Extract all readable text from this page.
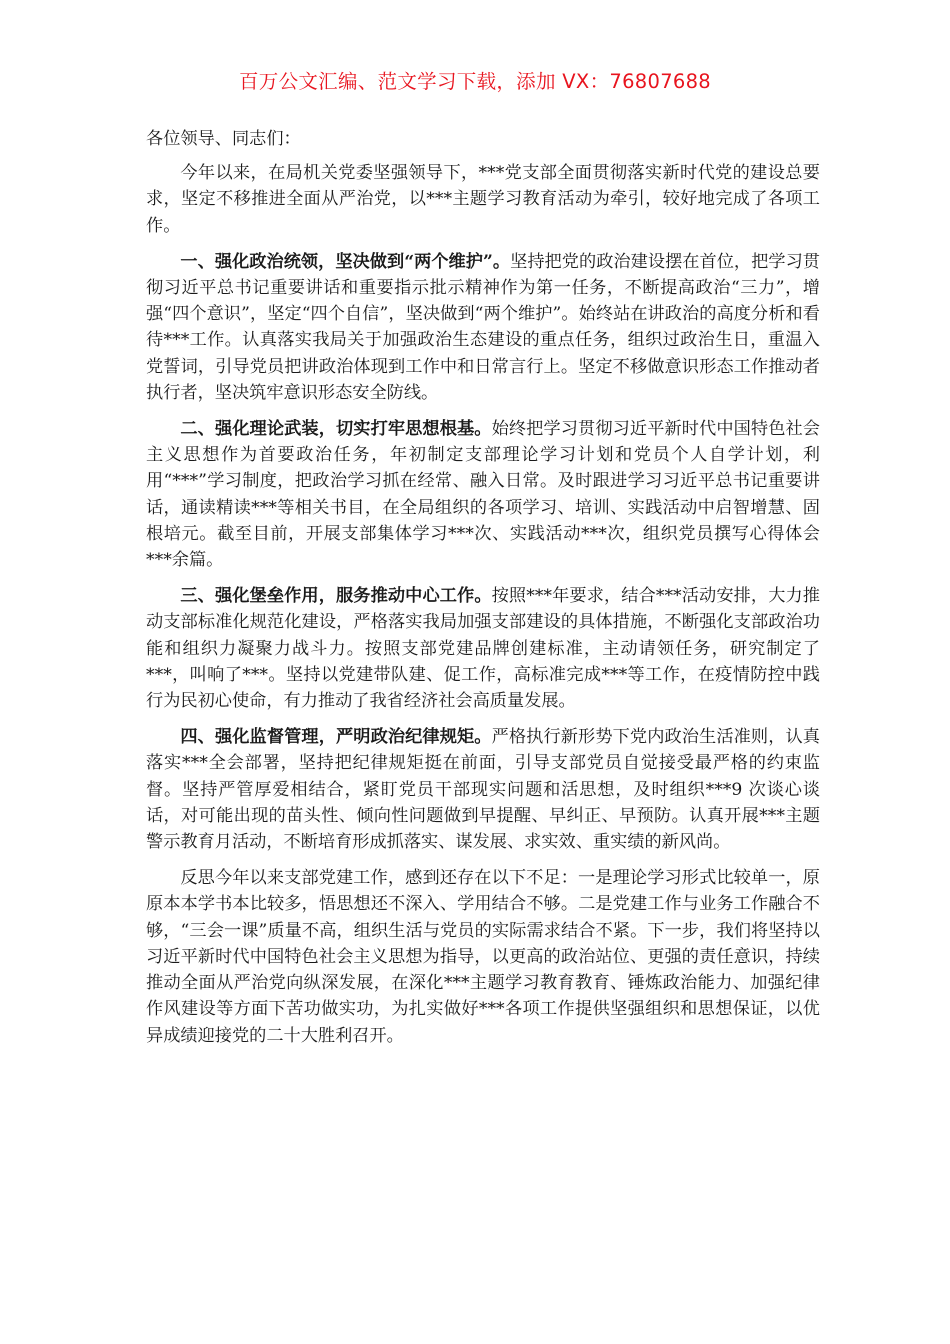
百万公文汇编、范文学习下载，添加 VX：76807688

各位领导、同志们：

今年以来，在局机关党委坚强领导下，***党支部全面贯彻落实新时代党的建设总要求，坚定不移推进全面从严治党，以***主题学习教育活动为牵引，较好地完成了各项工作。

一、强化政治统领，坚决做到“两个维护”。坚持把党的政治建设摆在首位，把学习贯彻习近平总书记重要讲话和重要指示批示精神作为第一任务，不断提高政治“三力”，增强“四个意识”，坚定“四个自信”，坚决做到“两个维护”。始终站在讲政治的高度分析和看待***工作。认真落实我局关于加强政治生态建设的重点任务，组织过政治生日，重温入党誓词，引导党员把讲政治体现到工作中和日常言行上。坚定不移做意识形态工作推动者执行者，坚决筑牢意识形态安全防线。

二、强化理论武装，切实打牢思想根基。始终把学习贯彻习近平新时代中国特色社会主义思想作为首要政治任务，年初制定支部理论学习计划和党员个人自学计划，利用“***”学习制度，把政治学习抓在经常、融入日常。及时跟进学习习近平总书记重要讲话，通读精读***等相关书目，在全局组织的各项学习、培训、实践活动中启智增慧、固根培元。截至目前，开展支部集体学习***次、实践活动***次，组织党员撰写心得体会***余篇。

三、强化堡垒作用，服务推动中心工作。按照***年要求，结合***活动安排，大力推动支部标准化规范化建设，严格落实我局加强支部建设的具体措施，不断强化支部政治功能和组织力凝聚力战斗力。按照支部党建品牌创建标准，主动请领任务，研究制定了***，叫响了***。坚持以党建带队建、促工作，高标准完成***等工作，在疫情防控中践行为民初心使命，有力推动了我省经济社会高质量发展。

四、强化监督管理，严明政治纪律规矩。严格执行新形势下党内政治生活准则，认真落实***全会部署，坚持把纪律规矩挺在前面，引导支部党员自觉接受最严格的约束监督。坚持严管厚爱相结合，紧盯党员干部现实问题和活思想，及时组织***9 次谈心谈话，对可能出现的苗头性、倾向性问题做到早提醒、早纠正、早预防。认真开展***主题警示教育月活动，不断培育形成抓落实、谋发展、求实效、重实绩的新风尚。

反思今年以来支部党建工作，感到还存在以下不足：一是理论学习形式比较单一，原原本本学书本比较多，悟思想还不深入、学用结合不够。二是党建工作与业务工作融合不够，“三会一课”质量不高，组织生活与党员的实际需求结合不紧。下一步，我们将坚持以习近平新时代中国特色社会主义思想为指导，以更高的政治站位、更强的责任意识，持续推动全面从严治党向纵深发展，在深化***主题学习教育教育、锤炼政治能力、加强纪律作风建设等方面下苦功做实功，为扎实做好***各项工作提供坚强组织和思想保证，以优异成绩迎接党的二十大胜利召开。
